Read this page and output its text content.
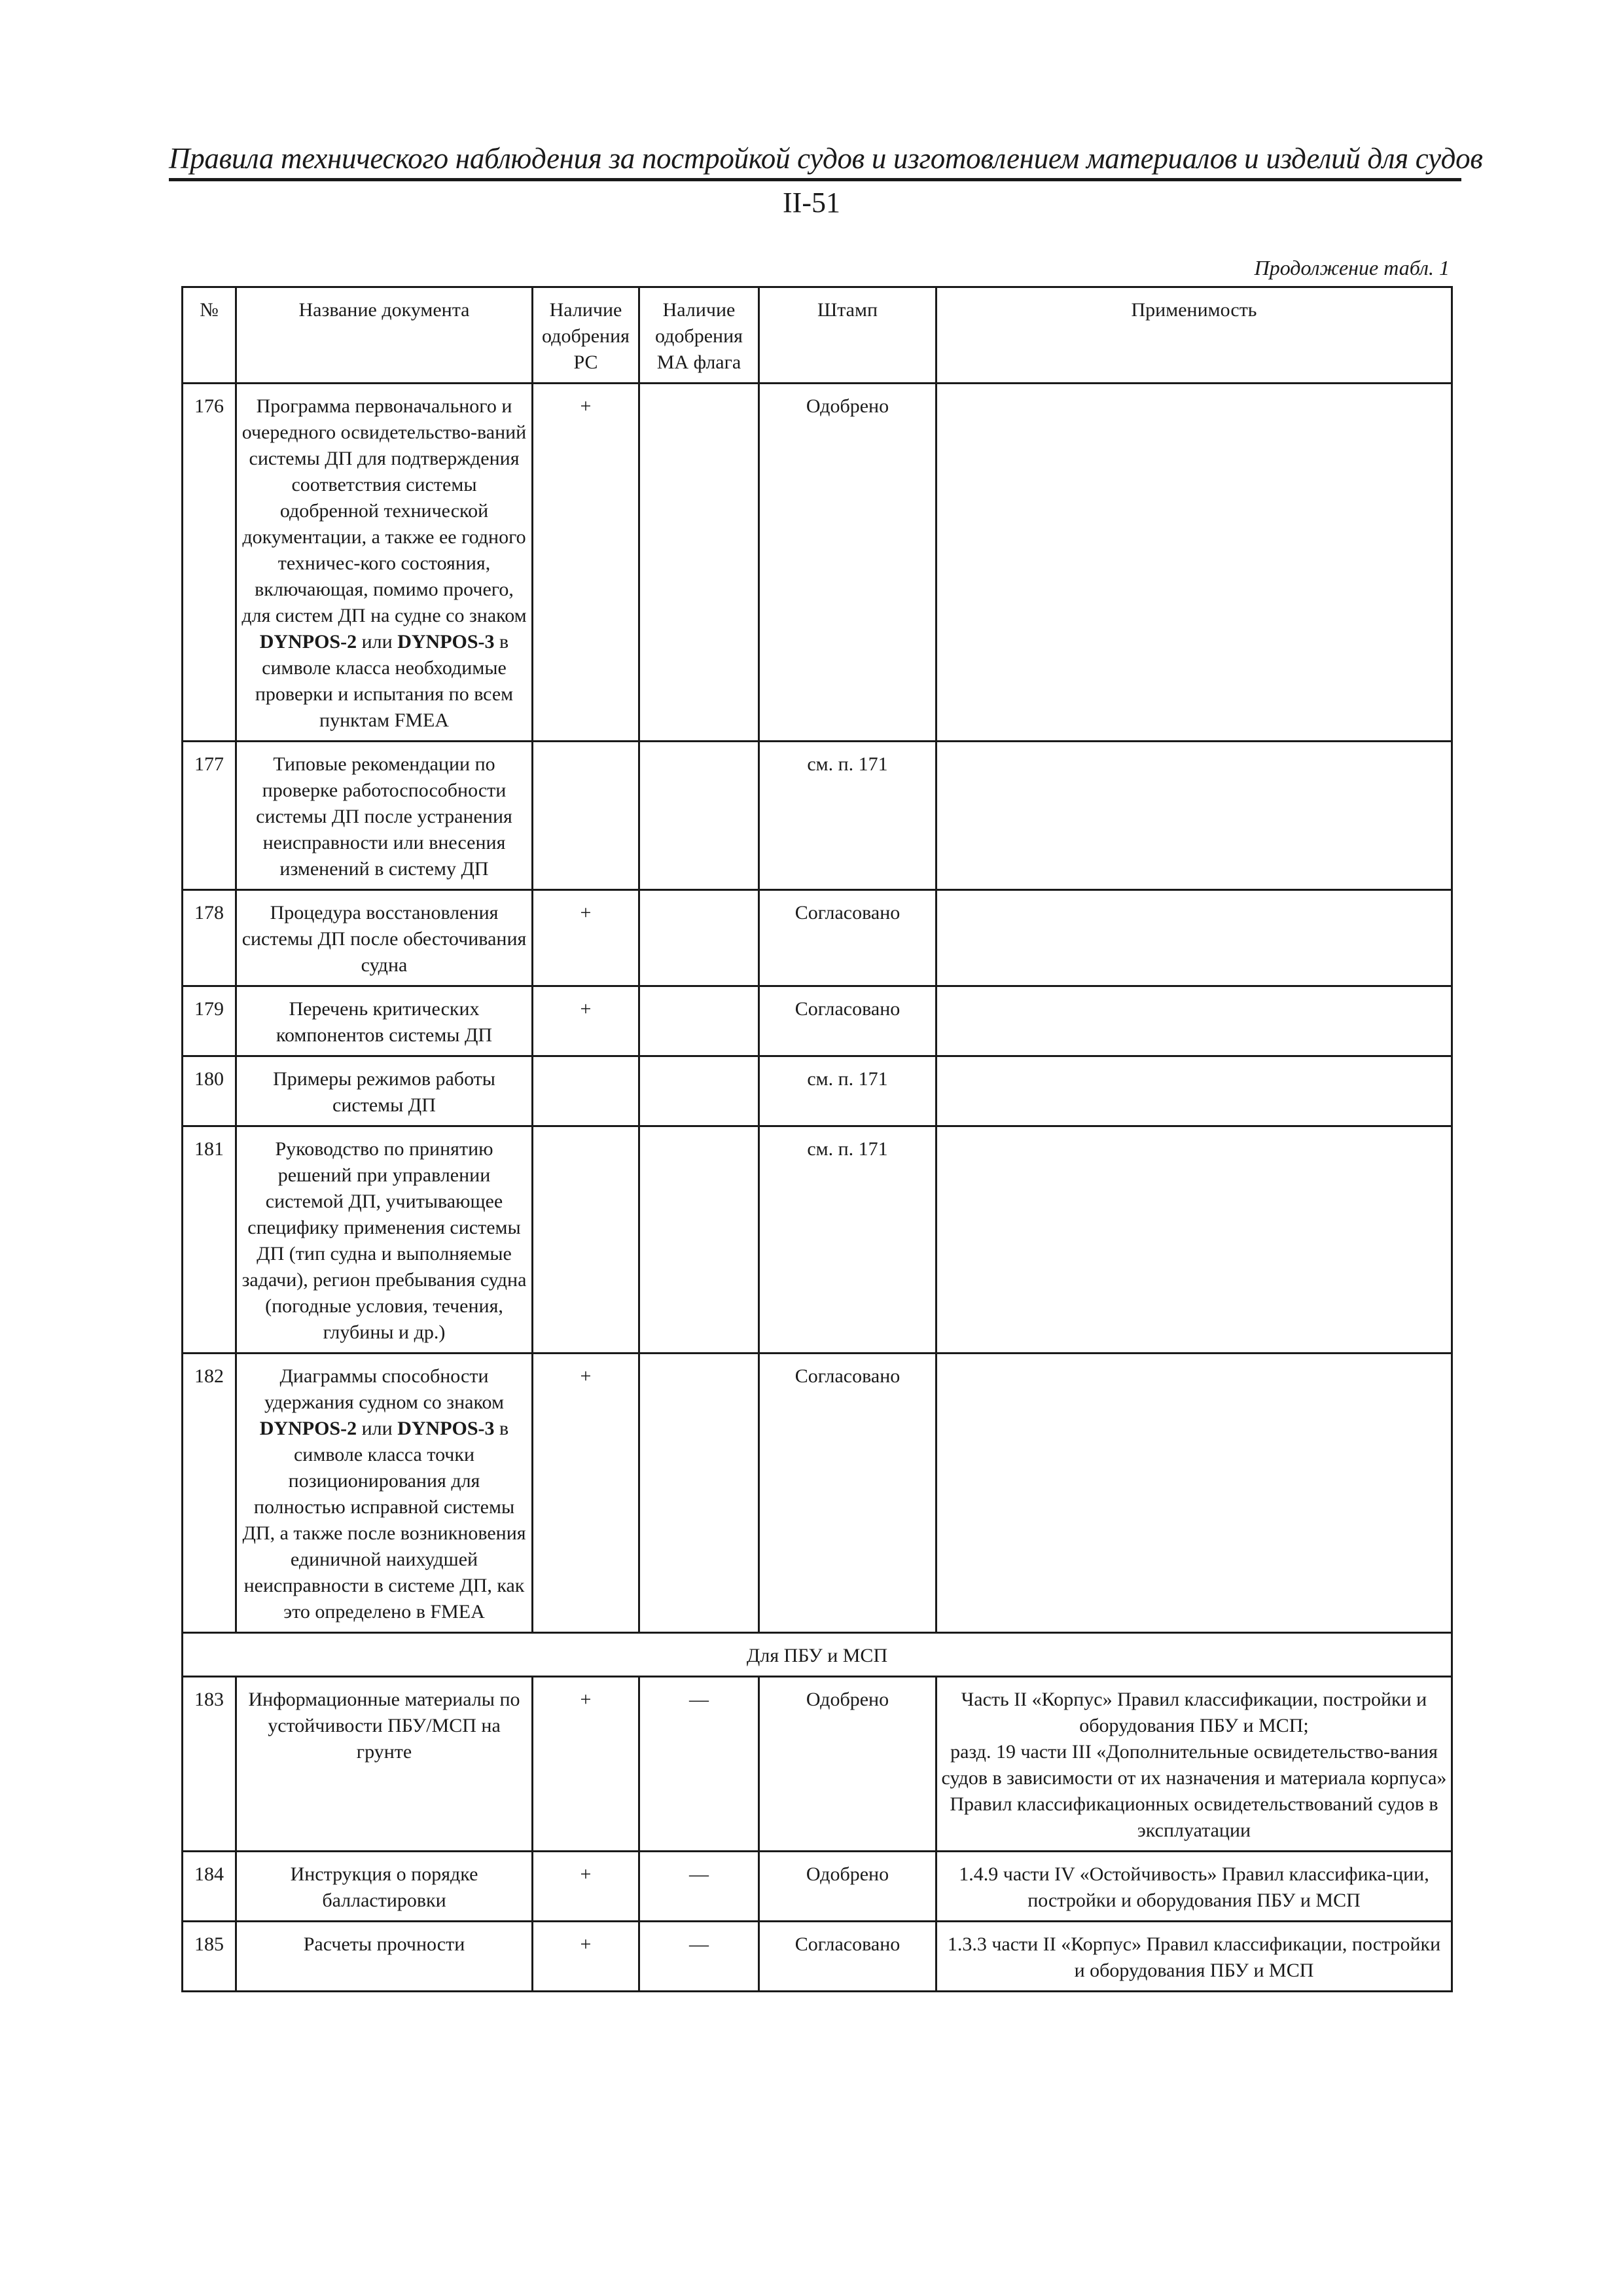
Правила технического наблюдения за постройкой судов и изготовлением материалов и изделий для судов
II-51
Продолжение табл. 1
№	Название документа	Наличие одобрения РС	Наличие одобрения МА флага	Штамп	Применимость
176	Программа первоначального и очередного освидетельство-ваний системы ДП для подтверждения соответствия системы одобренной технической документации, а также ее годного техничес-кого состояния, включающая, помимо прочего, для систем ДП на судне со знаком DYNPOS-2 или DYNPOS-3 в символе класса необходимые проверки и испытания по всем пунктам FMEA	+		Одобрено	
177	Типовые рекомендации по проверке работоспособности системы ДП после устранения неисправности или внесения изменений в систему ДП			см. п. 171	
178	Процедура восстановления системы ДП после обесточивания судна	+		Согласовано	
179	Перечень критических компонентов системы ДП	+		Согласовано	
180	Примеры режимов работы системы ДП			см. п. 171	
181	Руководство по принятию решений при управлении системой ДП, учитывающее специфику применения системы ДП (тип судна и выполняемые задачи), регион пребывания судна (погодные условия, течения, глубины и др.)			см. п. 171	
182	Диаграммы способности удержания судном со знаком DYNPOS-2 или DYNPOS-3 в символе класса точки позиционирования для полностью исправной системы ДП, а также после возникновения единичной наихудшей неисправности в системе ДП, как это определено в FMEA	+		Согласовано	
Для ПБУ и МСП					
183	Информационные материалы по устойчивости ПБУ/МСП на грунте	+	—	Одобрено	Часть II «Корпус» Правил классификации, постройки и оборудования ПБУ и МСП;
разд. 19 части III «Дополнительные освидетельство-вания судов в зависимости от их назначения и материала корпуса» Правил классификационных освидетельствований судов в эксплуатации

184	Инструкция о порядке балластировки	+	—	Одобрено	1.4.9 части IV «Остойчивость» Правил классифика-ции, постройки и оборудования ПБУ и МСП
185	Расчеты прочности	+	—	Согласовано	1.3.3 части II «Корпус» Правил классификации, постройки и оборудования ПБУ и МСП
